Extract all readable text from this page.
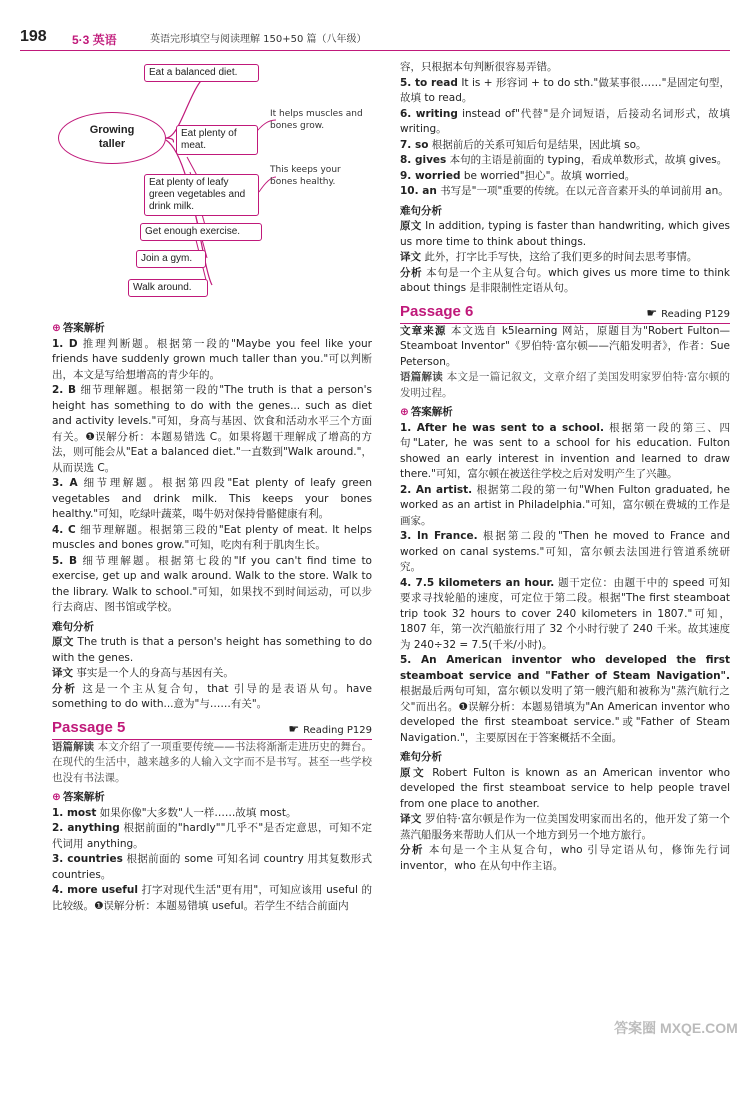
198 5·3 英语	英语完形填空与阅读理解 150+50 篇（八年级）
Growing
taller
Eat a balanced diet.
Eat plenty of meat.
Eat plenty of leafy green vegetables and drink milk.
Get enough exercise.
Join a gym.
Walk around.
It helps muscles and bones grow.
This keeps your bones healthy.
⊕ 答案解析

1. D 推理判断题。根据第一段的"Maybe you feel like your friends have suddenly grown much taller than you."可以判断出，本文是写给想增高的青少年的。

2. B 细节理解题。根据第一段的"The truth is that a person's height has something to do with the genes... such as diet and activity levels."可知，身高与基因、饮食和活动水平三个方面有关。❶误解分析：本题易错选 C。如果将题干理解成了增高的方法，则可能会从"Eat a balanced diet."一直数到"Walk around."，从而误选 C。

3. A 细节理解题。根据第四段"Eat plenty of leafy green vegetables and drink milk. This keeps your bones healthy."可知，吃绿叶蔬菜，喝牛奶对保持骨骼健康有利。

4. C 细节理解题。根据第三段的"Eat plenty of meat. It helps muscles and bones grow."可知，吃肉有利于肌肉生长。

5. B 细节理解题。根据第七段的"If you can't find time to exercise, get up and walk around. Walk to the store. Walk to the library. Walk to school."可知，如果找不到时间运动，可以步行去商店、图书馆或学校。

难句分析

原文 The truth is that a person's height has something to do with the genes.

译文 事实是一个人的身高与基因有关。

分析 这是一个主从复合句，that 引导的是表语从句。have something to do with...意为"与……有关"。

Passage 5	☛ Reading P129

语篇解读 本文介绍了一项重要传统——书法将渐渐走进历史的舞台。在现代的生活中，越来越多的人输入文字而不是书写。甚至一些学校也没有书法课。

⊕ 答案解析

1. most 如果你像"大多数"人一样……故填 most。

2. anything 根据前面的"hardly""几乎不"是否定意思，可知不定代词用 anything。

3. countries 根据前面的 some 可知名词 country 用其复数形式 countries。

4. more useful 打字对现代生活"更有用"，可知应该用 useful 的比较级。❶误解分析：本题易错填 useful。若学生不结合前面内

容，只根据本句判断很容易弄错。

5. to read It is + 形容词 + to do sth."做某事很……"是固定句型，故填 to read。

6. writing instead of"代替"是介词短语，后接动名词形式，故填 writing。

7. so 根据前后的关系可知后句是结果，因此填 so。

8. gives 本句的主语是前面的 typing，看成单数形式，故填 gives。

9. worried be worried"担心"。故填 worried。

10. an 书写是"一项"重要的传统。在以元音音素开头的单词前用 an。

难句分析

原文 In addition, typing is faster than handwriting, which gives us more time to think about things.

译文 此外，打字比手写快，这给了我们更多的时间去思考事情。

分析 本句是一个主从复合句。which gives us more time to think about things 是非限制性定语从句。

Passage 6	☛ Reading P129

文章来源 本文选自 k5learning 网站，原题目为"Robert Fulton—Steamboat Inventor"《罗伯特·富尔顿——汽船发明者》，作者：Sue Peterson。

语篇解读 本文是一篇记叙文，文章介绍了美国发明家罗伯特·富尔顿的发明过程。

⊕ 答案解析

1. After he was sent to a school. 根据第一段的第三、四句"Later, he was sent to a school for his education. Fulton showed an early interest in invention and learned to draw there."可知，富尔顿在被送往学校之后对发明产生了兴趣。

2. An artist. 根据第二段的第一句"When Fulton graduated, he worked as an artist in Philadelphia."可知，富尔顿在费城的工作是画家。

3. In France. 根据第二段的"Then he moved to France and worked on canal systems."可知，富尔顿去法国进行管道系统研究。

4. 7.5 kilometers an hour. 题干定位：由题干中的 speed 可知要求寻找轮船的速度，可定位于第二段。根据"The first steamboat trip took 32 hours to cover 240 kilometers in 1807."可知，1807 年，第一次汽船旅行用了 32 个小时行驶了 240 千米。故其速度为 240÷32 = 7.5(千米/小时)。

5. An American inventor who developed the first steamboat service and "Father of Steam Navigation". 根据最后两句可知，富尔顿以发明了第一艘汽船和被称为"蒸汽航行之父"而出名。❶误解分析：本题易错填为"An American inventor who developed the first steamboat service."或"Father of Steam Navigation."，主要原因在于答案概括不全面。

难句分析

原文 Robert Fulton is known as an American inventor who developed the first steamboat service to help people travel from one place to another.

译文 罗伯特·富尔顿是作为一位美国发明家而出名的，他开发了第一个蒸汽船服务来帮助人们从一个地方到另一个地方旅行。

分析 本句是一个主从复合句，who 引导定语从句，修饰先行词 inventor，who 在从句中作主语。

答案圈 MXQE.COM
